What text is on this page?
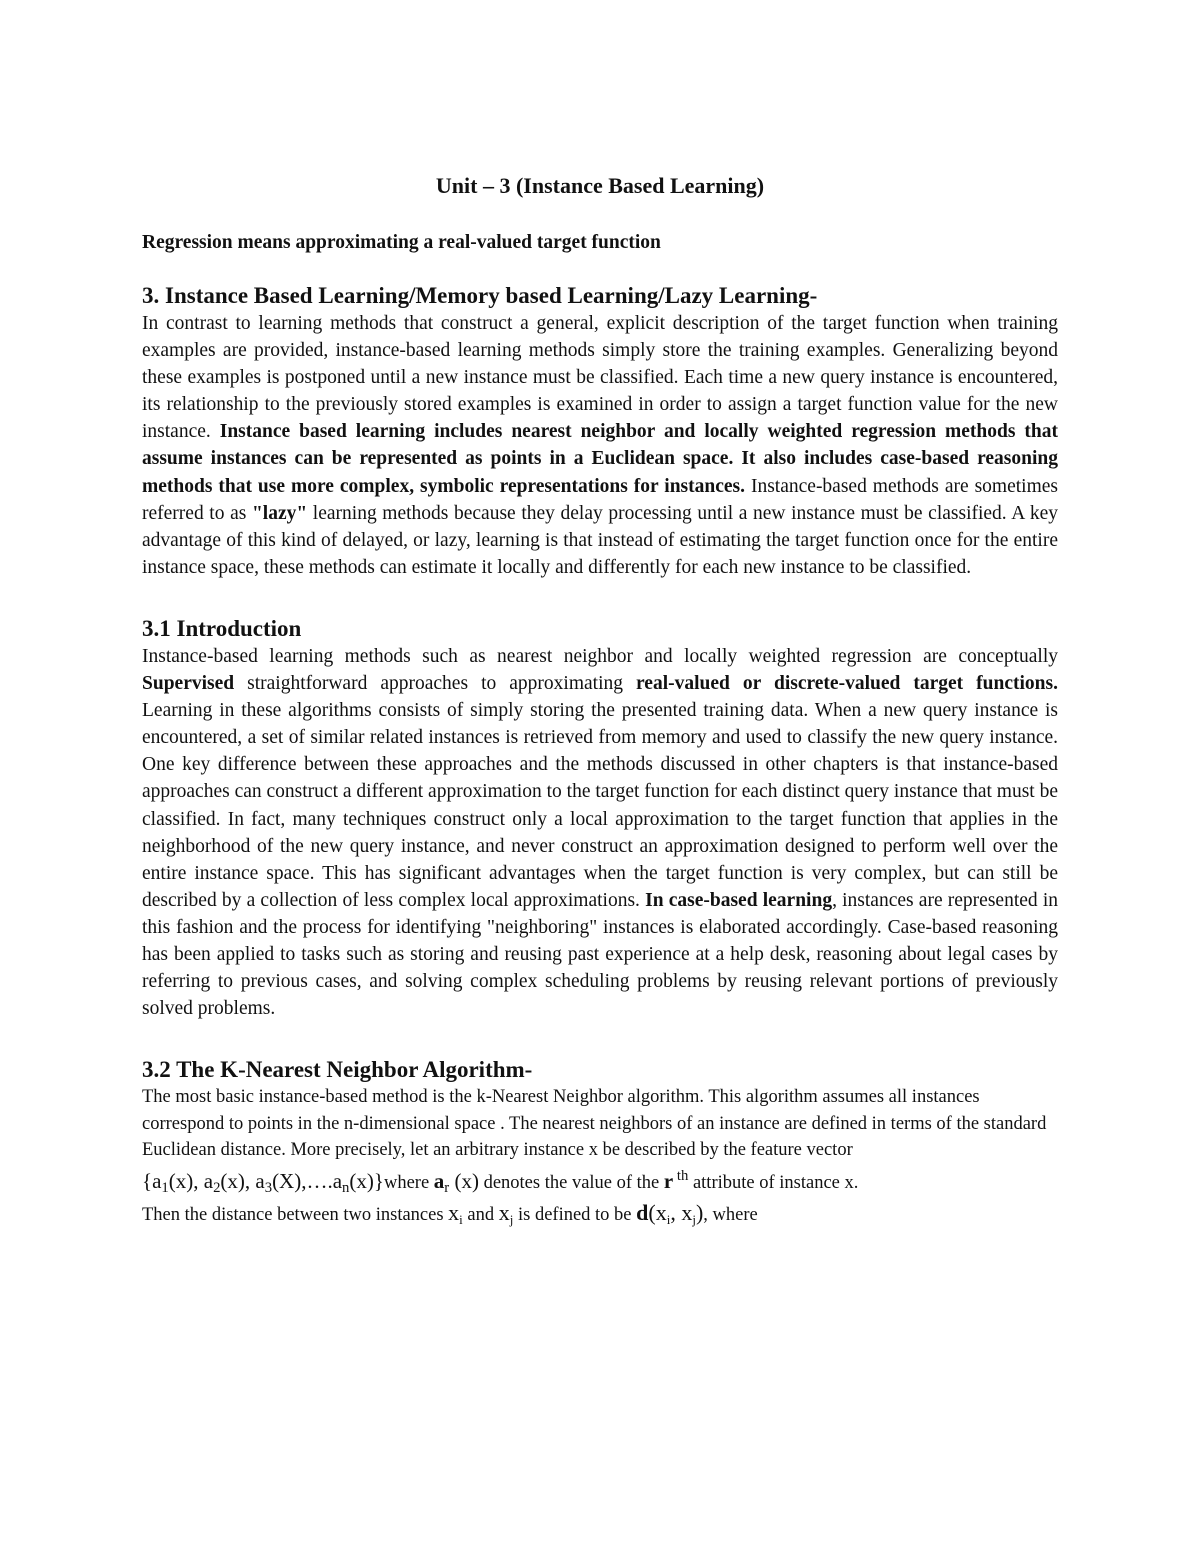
Unit – 3 (Instance Based Learning)

Regression means approximating a real-valued target function

3. Instance Based Learning/Memory based Learning/Lazy Learning-

In contrast to learning methods that construct a general, explicit description of the target function when training examples are provided, instance-based learning methods simply store the training examples. Generalizing beyond these examples is postponed until a new instance must be classified. Each time a new query instance is encountered, its relationship to the previously stored examples is examined in order to assign a target function value for the new instance. Instance based learning includes nearest neighbor and locally weighted regression methods that assume instances can be represented as points in a Euclidean space. It also includes case-based reasoning methods that use more complex, symbolic representations for instances. Instance-based methods are sometimes referred to as "lazy" learning methods because they delay processing until a new instance must be classified. A key advantage of this kind of delayed, or lazy, learning is that instead of estimating the target function once for the entire instance space, these methods can estimate it locally and differently for each new instance to be classified.

3.1 Introduction

Instance-based learning methods such as nearest neighbor and locally weighted regression are conceptually Supervised straightforward approaches to approximating real-valued or discrete-valued target functions. Learning in these algorithms consists of simply storing the presented training data. When a new query instance is encountered, a set of similar related instances is retrieved from memory and used to classify the new query instance. One key difference between these approaches and the methods discussed in other chapters is that instance-based approaches can construct a different approximation to the target function for each distinct query instance that must be classified. In fact, many techniques construct only a local approximation to the target function that applies in the neighborhood of the new query instance, and never construct an approximation designed to perform well over the entire instance space. This has significant advantages when the target function is very complex, but can still be described by a collection of less complex local approximations. In case-based learning, instances are represented in this fashion and the process for identifying "neighboring" instances is elaborated accordingly. Case-based reasoning has been applied to tasks such as storing and reusing past experience at a help desk, reasoning about legal cases by referring to previous cases, and solving complex scheduling problems by reusing relevant portions of previously solved problems.

3.2 The K-Nearest Neighbor Algorithm-

The most basic instance-based method is the k-Nearest Neighbor algorithm. This algorithm assumes all instances correspond to points in the n-dimensional space . The nearest neighbors of an instance are defined in terms of the standard Euclidean distance. More precisely, let an arbitrary instance x be described by the feature vector

{$a_1(x)$, $a_2(x)$, $a_3(X),\dots.a_n(x)\}where$ $a_r$ (x) denotes the value of the r $^{th}$ attribute of instance x.

Then the distance between two instances $x_i$ and $x_j$ is defined to be $d(x_i$, $x_j$), where
